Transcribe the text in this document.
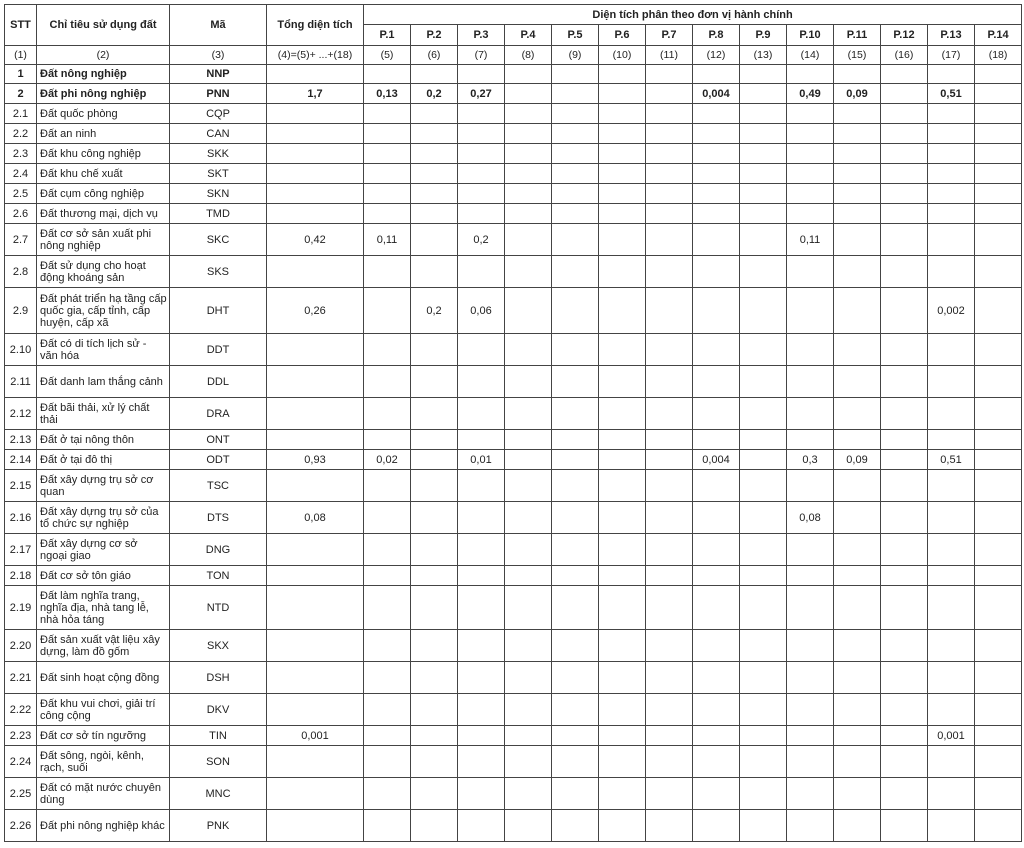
STT	Chỉ tiêu sử dụng đất	Mã	Tổng diện tích	Diện tích phân theo đơn vị hành chính													
				P.1	P.2	P.3	P.4	P.5	P.6	P.7	P.8	P.9	P.10	P.11	P.12	P.13	P.14
(1)	(2)	(3)	(4)=(5)+ ...+(18)	(5)	(6)	(7)	(8)	(9)	(10)	(11)	(12)	(13)	(14)	(15)	(16)	(17)	(18)
1	Đất nông nghiệp	NNP															
2	Đất phi nông nghiệp	PNN	1,7	0,13	0,2	0,27					0,004		0,49	0,09		0,51	
2.1	Đất quốc phòng	CQP															
2.2	Đất an ninh	CAN															
2.3	Đất khu công nghiệp	SKK															
2.4	Đất khu chế xuất	SKT															
2.5	Đất cụm công nghiệp	SKN															
2.6	Đất thương mại, dịch vụ	TMD															
2.7	Đất cơ sở sản xuất phi nông nghiệp	SKC	0,42	0,11		0,2							0,11				
2.8	Đất sử dụng cho hoạt động khoáng sản	SKS															
2.9	Đất phát triển hạ tầng cấp quốc gia, cấp tỉnh, cấp huyện, cấp xã	DHT	0,26		0,2	0,06										0,002	
2.10	Đất có di tích lịch sử - văn hóa	DDT															
2.11	Đất danh lam thắng cảnh	DDL															
2.12	Đất bãi thải, xử lý chất thải	DRA															
2.13	Đất ở tại nông thôn	ONT															
2.14	Đất ở tại đô thị	ODT	0,93	0,02		0,01					0,004		0,3	0,09		0,51	
2.15	Đất xây dựng trụ sở cơ quan	TSC															
2.16	Đất xây dựng trụ sở của tổ chức sự nghiệp	DTS	0,08										0,08				
2.17	Đất xây dựng cơ sở ngoại giao	DNG															
2.18	Đất cơ sở tôn giáo	TON															
2.19	Đất làm nghĩa trang, nghĩa địa, nhà tang lễ, nhà hỏa táng	NTD															
2.20	Đất sản xuất vật liệu xây dựng, làm đồ gốm	SKX															
2.21	Đất sinh hoạt cộng đồng	DSH															
2.22	Đất khu vui chơi, giải trí công cộng	DKV															
2.23	Đất cơ sở tín ngưỡng	TIN	0,001													0,001	
2.24	Đất sông, ngòi, kênh, rạch, suối	SON															
2.25	Đất có mặt nước chuyên dùng	MNC															
2.26	Đất phi nông nghiệp khác	PNK															
